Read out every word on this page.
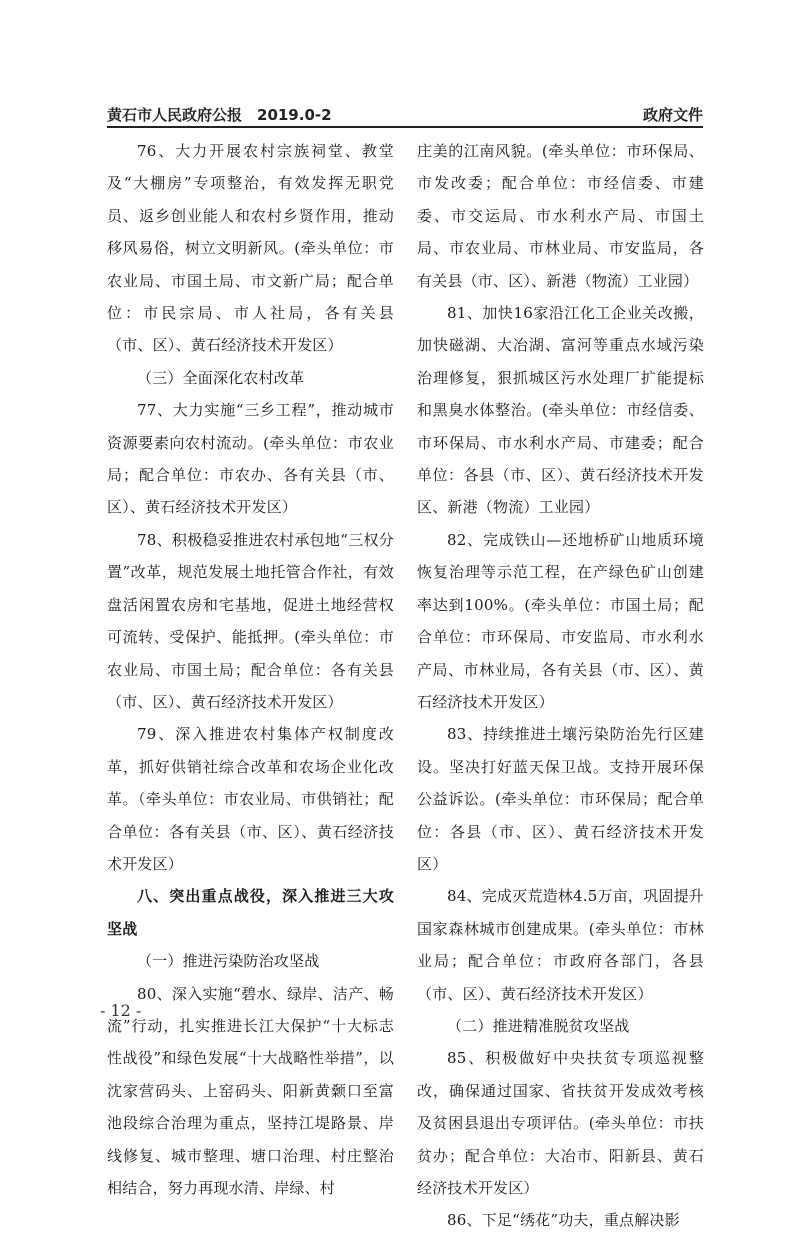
黄石市人民政府公报　2019.0-2	政府文件

76、大力开展农村宗族祠堂、教堂及“大棚房”专项整治，有效发挥无职党员、返乡创业能人和农村乡贤作用，推动移风易俗，树立文明新风。(牵头单位：市农业局、市国土局、市文新广局；配合单位：市民宗局、市人社局，各有关县（市、区）、黄石经济技术开发区）

（三）全面深化农村改革

77、大力实施“三乡工程”，推动城市资源要素向农村流动。(牵头单位：市农业局；配合单位：市农办、各有关县（市、区）、黄石经济技术开发区）

78、积极稳妥推进农村承包地“三权分置”改革，规范发展土地托管合作社，有效盘活闲置农房和宅基地，促进土地经营权可流转、受保护、能抵押。(牵头单位：市农业局、市国土局；配合单位：各有关县（市、区）、黄石经济技术开发区）

79、深入推进农村集体产权制度改革，抓好供销社综合改革和农场企业化改革。（牵头单位：市农业局、市供销社；配合单位：各有关县（市、区）、黄石经济技术开发区）

八、突出重点战役，深入推进三大攻坚战

（一）推进污染防治攻坚战

80、深入实施“碧水、绿岸、洁产、畅流”行动，扎实推进长江大保护“十大标志性战役”和绿色发展“十大战略性举措”，以沈家营码头、上窑码头、阳新黄颡口至富池段综合治理为重点，坚持江堤路景、岸线修复、城市整理、塘口治理、村庄整治相结合，努力再现水清、岸绿、村

庄美的江南风貌。(牵头单位：市环保局、市发改委；配合单位：市经信委、市建委、市交运局、市水利水产局、市国土局、市农业局、市林业局、市安监局，各有关县（市、区）、新港（物流）工业园）

81、加快16家沿江化工企业关改搬，加快磁湖、大冶湖、富河等重点水域污染治理修复，狠抓城区污水处理厂扩能提标和黑臭水体整治。(牵头单位：市经信委、市环保局、市水利水产局、市建委；配合单位：各县（市、区）、黄石经济技术开发区、新港（物流）工业园）

82、完成铁山—还地桥矿山地质环境恢复治理等示范工程，在产绿色矿山创建率达到100%。(牵头单位：市国土局；配合单位：市环保局、市安监局、市水利水产局、市林业局，各有关县（市、区）、黄石经济技术开发区）

83、持续推进土壤污染防治先行区建设。坚决打好蓝天保卫战。支持开展环保公益诉讼。(牵头单位：市环保局；配合单位：各县（市、区）、黄石经济技术开发区）

84、完成灭荒造林4.5万亩，巩固提升国家森林城市创建成果。(牵头单位：市林业局；配合单位：市政府各部门，各县（市、区）、黄石经济技术开发区）

（二）推进精准脱贫攻坚战

85、积极做好中央扶贫专项巡视整改，确保通过国家、省扶贫开发成效考核及贫困县退出专项评估。(牵头单位：市扶贫办；配合单位：大冶市、阳新县、黄石经济技术开发区）

86、下足“绣花”功夫，重点解决影

- 12 -
